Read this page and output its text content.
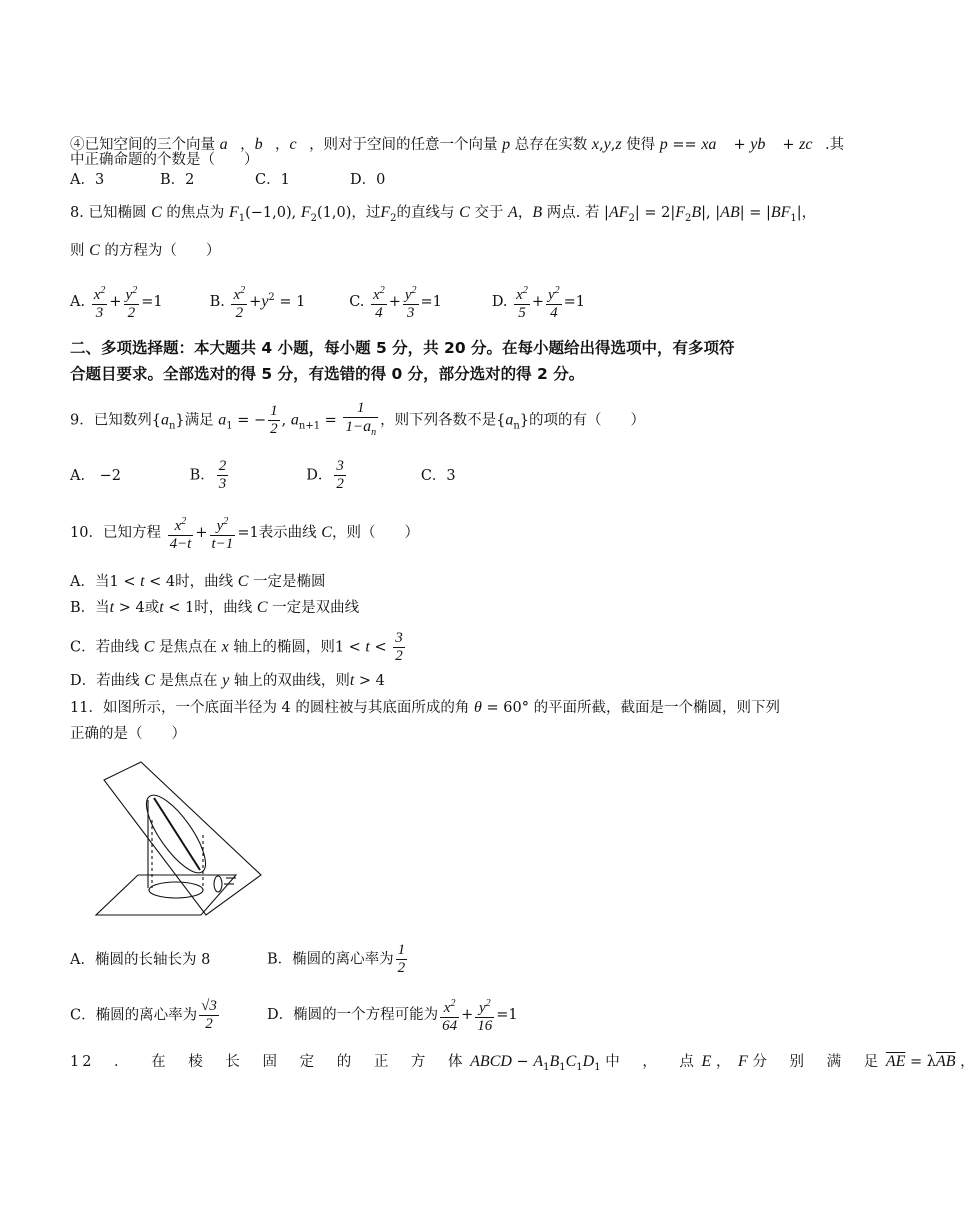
④已知空间的三个向量 a⃗，b⃗，c⃗，则对于空间的任意一个向量 p 总存在实数 x,y,z 使得 p == xa⃗ + yb⃗ + zc⃗.其
中正确命题的个数是（　　）
A．3	B．2	C．1	D．0
8. 已知椭圆 C 的焦点为 $F_1(-1,0)$, $F_2(1,0)$，过$F_2$的直线与 C 交于 A，B 两点. 若 $|AF_2| = 2|F_2B|$, $|AB| = |BF_1|$，
则 C 的方程为（　　）
A. $\frac{x^2}{3} + \frac{y^2}{2} =1$	B. $\frac{x^2}{2} +y^2 = 1$	C. $\frac{x^2}{4} + \frac{y^2}{3} =1$	D. $\frac{x^2}{5} + \frac{y^2}{4} =1$
二、多项选择题：本大题共 4 小题，每小题 5 分，共 20 分。在每小题给出得选项中，有多项符
合题目要求。全部选对的得 5 分，有选错的得 0 分，部分选对的得 2 分。
9．已知数列$\{a_n\}$满足 $a_1$ = − $\frac{1}{2}$ , $a_{n+1} = \frac{1}{1-a_n}$ ，则下列各数不是$\{a_n\}$的项的有（　　）
A． −2	B． $\frac{2}{3}$	D． $\frac{3}{2}$	C．3
10．已知方程 $\frac{x^2}{4-t} + \frac{y^2}{t-1} =1$表示曲线 C，则（　　）
A．当1 < t < 4时，曲线 C 一定是椭圆
B．当t > 4或t < 1时，曲线 C 一定是双曲线
C．若曲线 C 是焦点在 x 轴上的椭圆，则$1 < t < \frac{3}{2}$
D．若曲线 C 是焦点在 y 轴上的双曲线，则t > 4
11．如图所示，一个底面半径为 4 的圆柱被与其底面所成的角 θ = 60° 的平面所截，截面是一个椭圆，则下列
正确的是（　　）
A．椭圆的长轴长为 8	B．椭圆的离心率为 $\frac{1}{2}$
C．椭圆的离心率为 $\frac{√3}{2}$	D．椭圆的一个方程可能为 $\frac{x^2}{64} + \frac{y^2}{16} =1$
12 ． 在 棱 长 固 定 的 正 方 体 ABCD − $A_1B_1C_1D_1$ 中 ， 点 E ， F 分 别 满 足 $\overline{AE} = \lambda\overline{AB}$ ，
